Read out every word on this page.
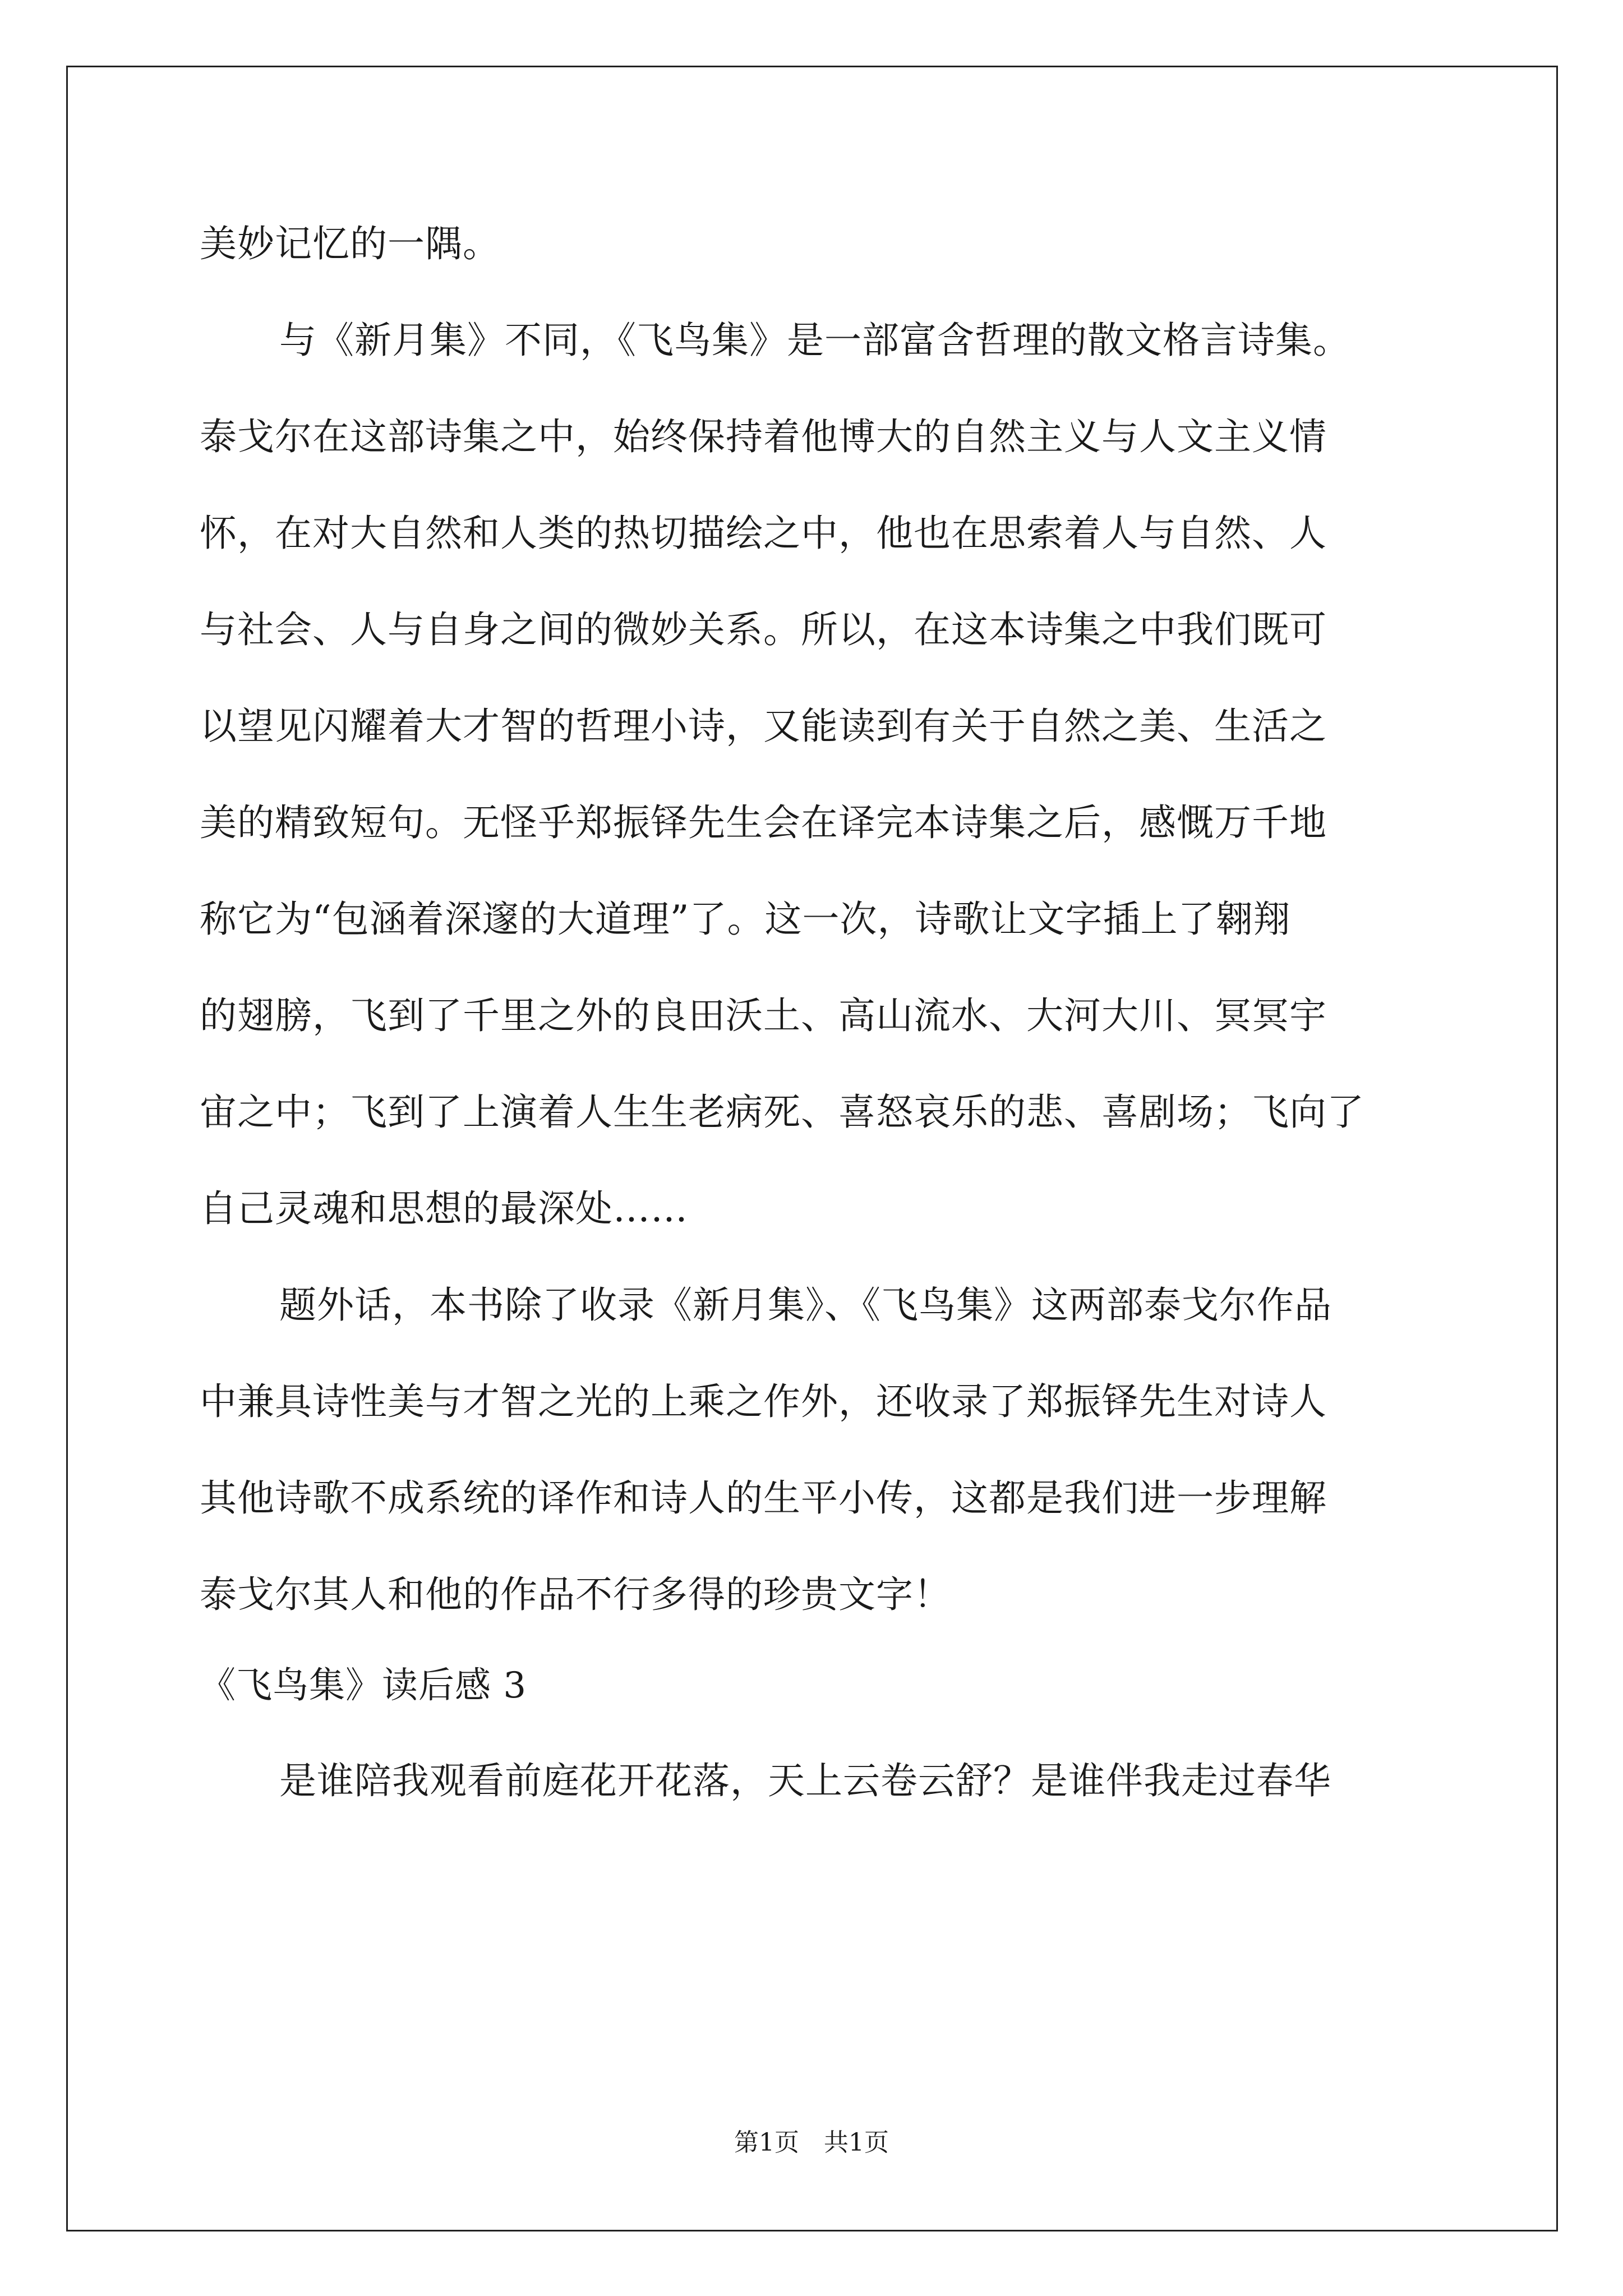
美妙记忆的一隅。
与《新月集》不同，《飞鸟集》是一部富含哲理的散文格言诗集。
泰戈尔在这部诗集之中，始终保持着他博大的自然主义与人文主义情
怀，在对大自然和人类的热切描绘之中，他也在思索着人与自然、人
与社会、人与自身之间的微妙关系。所以，在这本诗集之中我们既可
以望见闪耀着大才智的哲理小诗，又能读到有关于自然之美、生活之
美的精致短句。无怪乎郑振铎先生会在译完本诗集之后，感慨万千地
称它为“包涵着深邃的大道理”了。这一次，诗歌让文字插上了翱翔
的翅膀，飞到了千里之外的良田沃土、高山流水、大河大川、冥冥宇
宙之中；飞到了上演着人生生老病死、喜怒哀乐的悲、喜剧场；飞向了
自己灵魂和思想的最深处……
题外话，本书除了收录《新月集》、《飞鸟集》这两部泰戈尔作品
中兼具诗性美与才智之光的上乘之作外，还收录了郑振铎先生对诗人
其他诗歌不成系统的译作和诗人的生平小传，这都是我们进一步理解
泰戈尔其人和他的作品不行多得的珍贵文字！
《飞鸟集》读后感 3
是谁陪我观看前庭花开花落，天上云卷云舒？是谁伴我走过春华
第1页　共1页
